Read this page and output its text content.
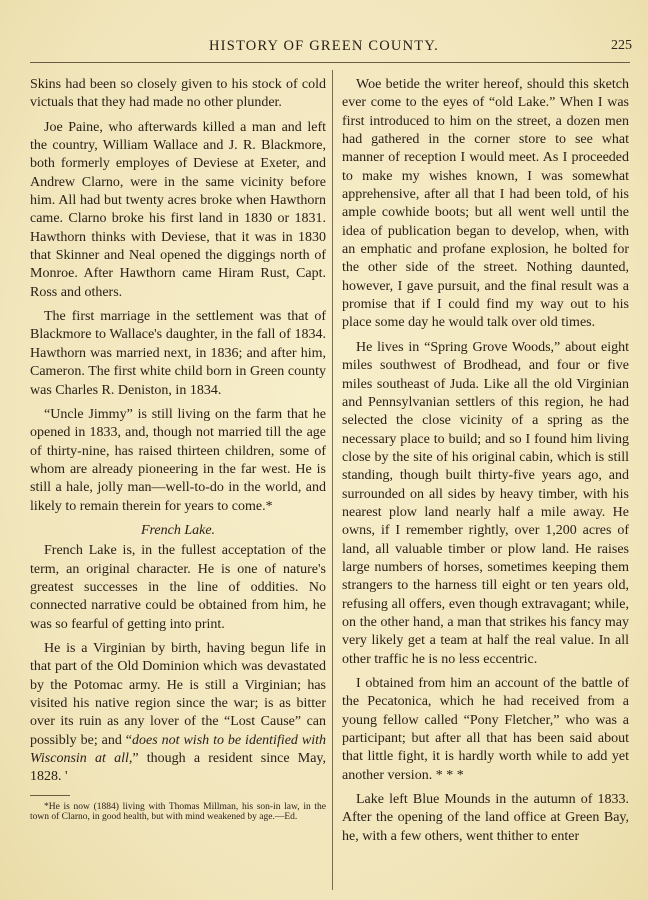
HISTORY OF GREEN COUNTY.	225

Skins had been so closely given to his stock of cold victuals that they had made no other plunder.

Joe Paine, who afterwards killed a man and left the country, William Wallace and J. R. Blackmore, both formerly employes of Deviese at Exeter, and Andrew Clarno, were in the same vicinity before him. All had but twenty acres broke when Hawthorn came. Clarno broke his first land in 1830 or 1831. Hawthorn thinks with Deviese, that it was in 1830 that Skinner and Neal opened the diggings north of Monroe. After Hawthorn came Hiram Rust, Capt. Ross and others.

The first marriage in the settlement was that of Blackmore to Wallace's daughter, in the fall of 1834. Hawthorn was married next, in 1836; and after him, Cameron. The first white child born in Green county was Charles R. Deniston, in 1834.

“Uncle Jimmy” is still living on the farm that he opened in 1833, and, though not married till the age of thirty-nine, has raised thirteen children, some of whom are already pioneering in the far west. He is still a hale, jolly man—well-to-do in the world, and likely to remain therein for years to come.*

French Lake.

French Lake is, in the fullest acceptation of the term, an original character. He is one of nature's greatest successes in the line of oddities. No connected narrative could be obtained from him, he was so fearful of getting into print.

He is a Virginian by birth, having begun life in that part of the Old Dominion which was devastated by the Potomac army. He is still a Virginian; has visited his native region since the war; is as bitter over its ruin as any lover of the “Lost Cause” can possibly be; and “does not wish to be identified with Wisconsin at all,” though a resident since May, 1828. '

*He is now (1884) living with Thomas Millman, his son-in law, in the town of Clarno, in good health, but with mind weakened by age.—Ed.

Woe betide the writer hereof, should this sketch ever come to the eyes of “old Lake.” When I was first introduced to him on the street, a dozen men had gathered in the corner store to see what manner of reception I would meet. As I proceeded to make my wishes known, I was somewhat apprehensive, after all that I had been told, of his ample cowhide boots; but all went well until the idea of publication began to develop, when, with an emphatic and profane explosion, he bolted for the other side of the street. Nothing daunted, however, I gave pursuit, and the final result was a promise that if I could find my way out to his place some day he would talk over old times.

He lives in “Spring Grove Woods,” about eight miles southwest of Brodhead, and four or five miles southeast of Juda. Like all the old Virginian and Pennsylvanian settlers of this region, he had selected the close vicinity of a spring as the necessary place to build; and so I found him living close by the site of his original cabin, which is still standing, though built thirty-five years ago, and surrounded on all sides by heavy timber, with his nearest plow land nearly half a mile away. He owns, if I remember rightly, over 1,200 acres of land, all valuable timber or plow land. He raises large numbers of horses, sometimes keeping them strangers to the harness till eight or ten years old, refusing all offers, even though extravagant; while, on the other hand, a man that strikes his fancy may very likely get a team at half the real value. In all other traffic he is no less eccentric.

I obtained from him an account of the battle of the Pecatonica, which he had received from a young fellow called “Pony Fletcher,” who was a participant; but after all that has been said about that little fight, it is hardly worth while to add yet another version. * * *

Lake left Blue Mounds in the autumn of 1833. After the opening of the land office at Green Bay, he, with a few others, went thither to enter
